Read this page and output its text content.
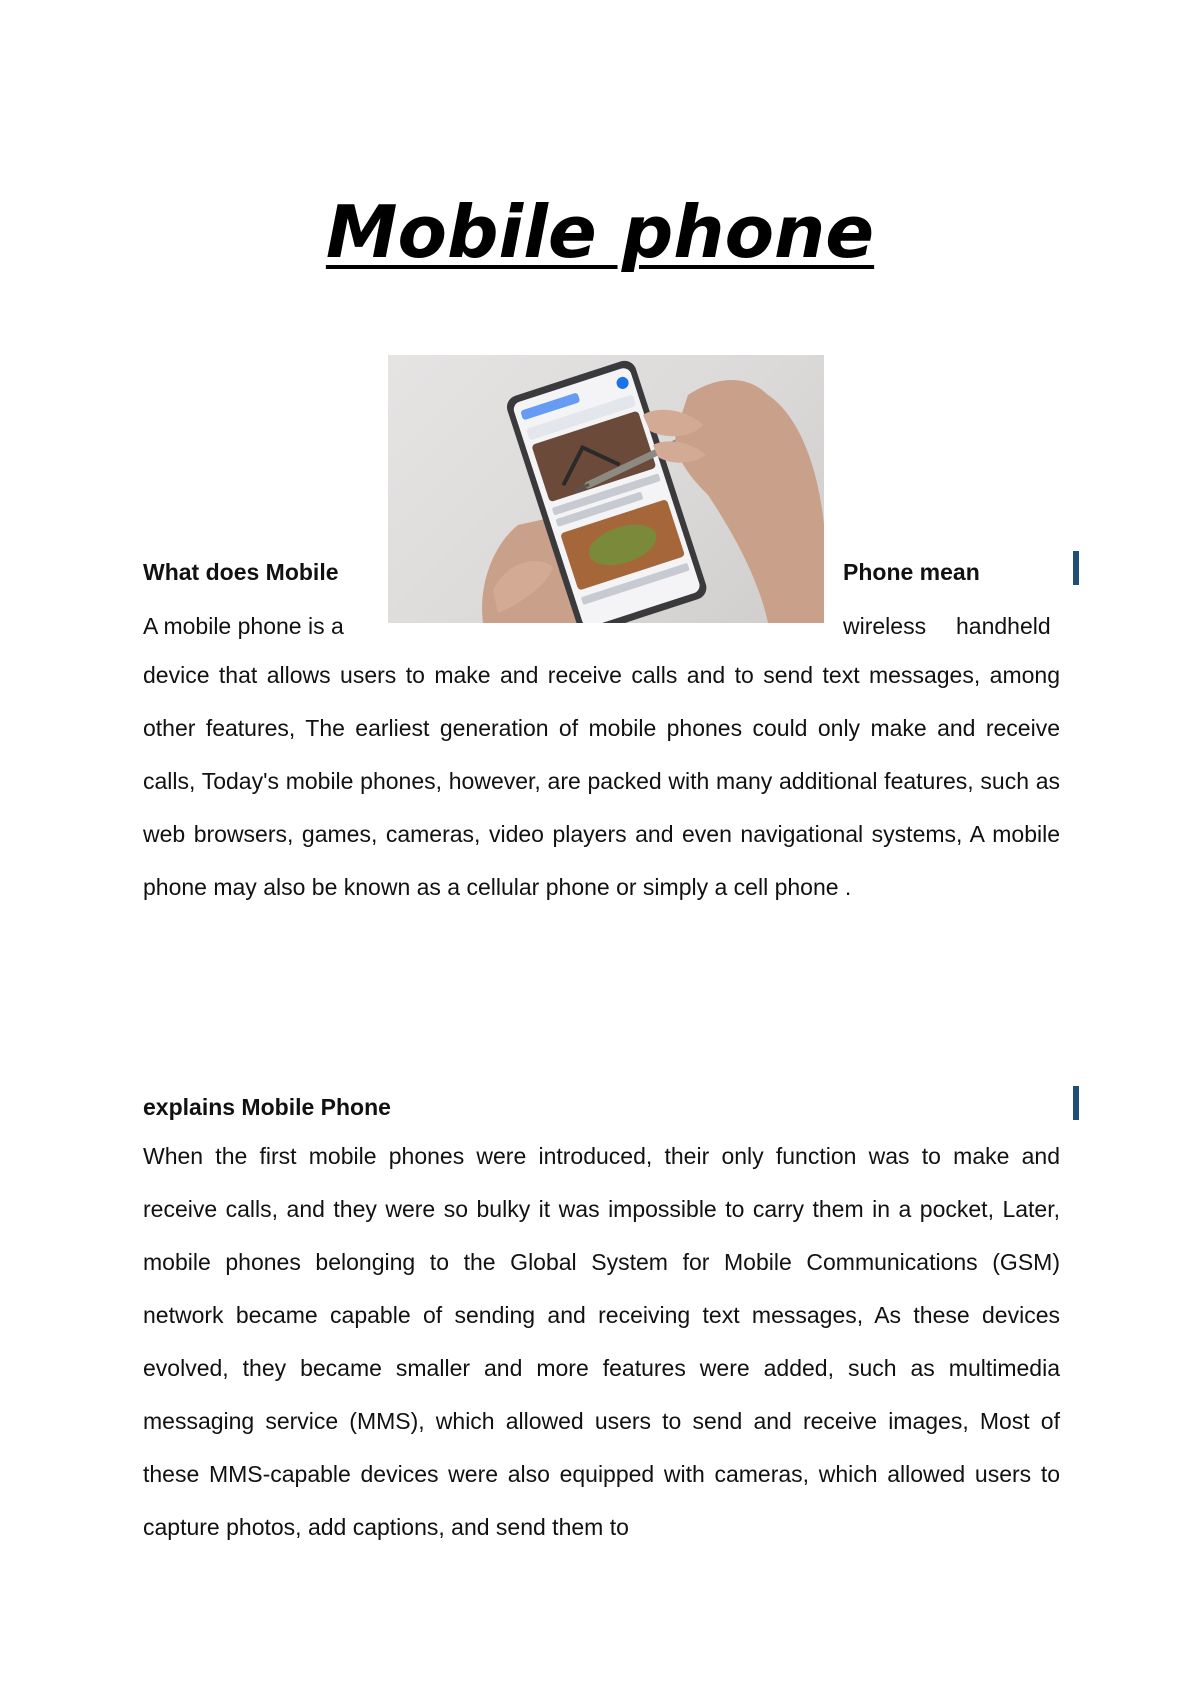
Mobile phone
What does Mobile	Phone mean
A mobile phone is a	wireless handheld

device that allows users to make and receive calls and to send text messages, among other features, The earliest generation of mobile phones could only make and receive calls, Today's mobile phones, however, are packed with many additional features, such as web browsers, games, cameras, video players and even navigational systems, A mobile phone may also be known as a cellular phone or simply a cell phone .

explains Mobile Phone

When the first mobile phones were introduced, their only function was to make and receive calls, and they were so bulky it was impossible to carry them in a pocket, Later, mobile phones belonging to the Global System for Mobile Communications (GSM) network became capable of sending and receiving text messages, As these devices evolved, they became smaller and more features were added, such as multimedia messaging service (MMS), which allowed users to send and receive images, Most of these MMS-capable devices were also equipped with cameras, which allowed users to capture photos, add captions, and send them to
